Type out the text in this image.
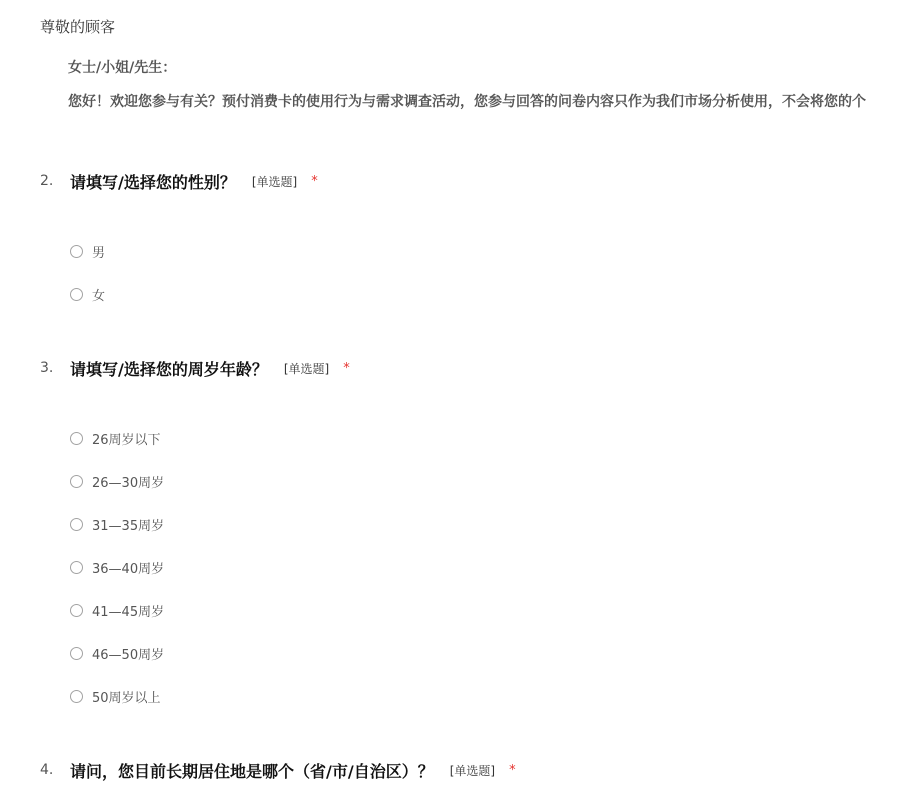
尊敬的顾客
女士/小姐/先生：
您好！欢迎您参与有关？预付消费卡的使用行为与需求调查活动，您参与回答的问卷内容只作为我们市场分析使用，不会将您的个
2.	请填写/选择您的性别？ [单选题] *
男
女
3.	请填写/选择您的周岁年龄？ [单选题] *
26周岁以下
26—30周岁
31—35周岁
36—40周岁
41—45周岁
46—50周岁
50周岁以上
4.	请问，您目前长期居住地是哪个（省/市/自治区）？ [单选题] *
